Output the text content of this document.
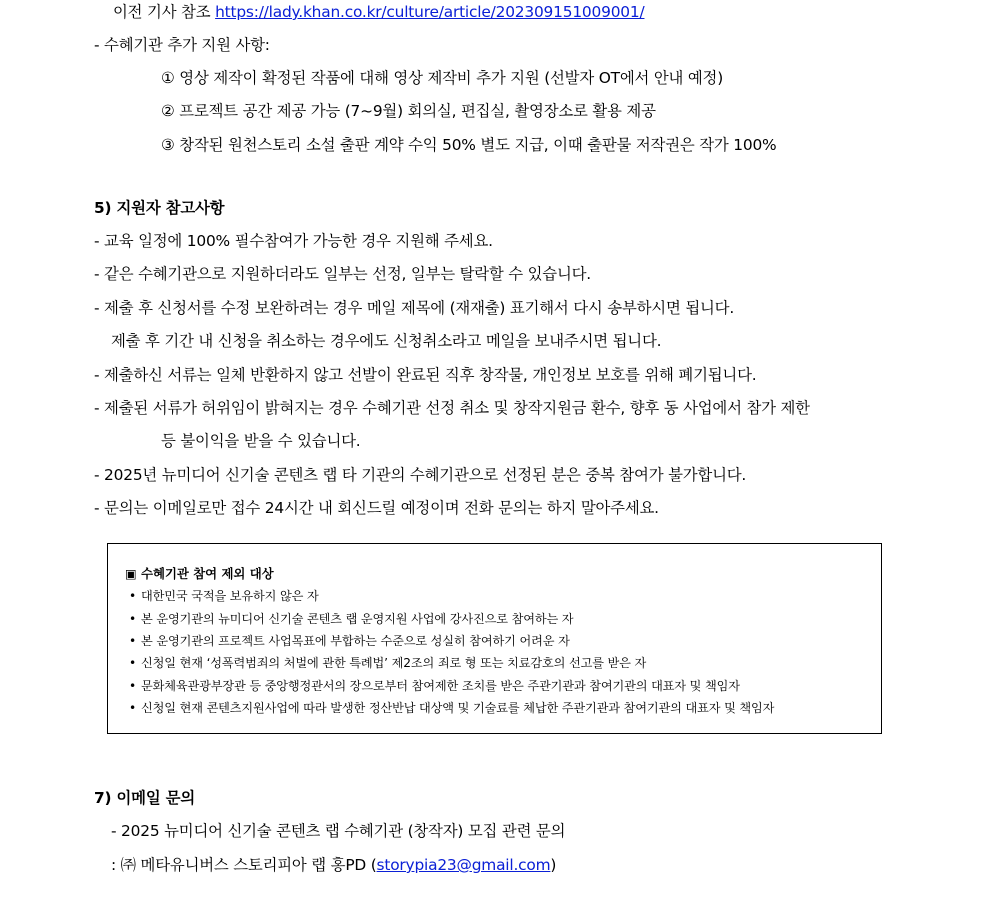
이전 기사 참조 https://lady.khan.co.kr/culture/article/202309151009001/
- 수혜기관 추가 지원 사항:
① 영상 제작이 확정된 작품에 대해 영상 제작비 추가 지원 (선발자 OT에서 안내 예정)
② 프로젝트 공간 제공 가능 (7~9월) 회의실, 편집실, 촬영장소로 활용 제공
③ 창작된 원천스토리 소설 출판 계약 수익 50% 별도 지급, 이때 출판물 저작권은 작가 100%
5) 지원자 참고사항
- 교육 일정에 100% 필수참여가 가능한 경우 지원해 주세요.
- 같은 수혜기관으로 지원하더라도 일부는 선정, 일부는 탈락할 수 있습니다.
- 제출 후 신청서를 수정 보완하려는 경우 메일 제목에 (재재출) 표기해서 다시 송부하시면 됩니다.
제출 후 기간 내 신청을 취소하는 경우에도 신청취소라고 메일을 보내주시면 됩니다.
- 제출하신 서류는 일체 반환하지 않고 선발이 완료된 직후 창작물, 개인정보 보호를 위해 폐기됩니다.
- 제출된 서류가 허위임이 밝혀지는 경우 수혜기관 선정 취소 및 창작지원금 환수, 향후 동 사업에서 참가 제한
등 불이익을 받을 수 있습니다.
- 2025년 뉴미디어 신기술 콘텐츠 랩 타 기관의 수혜기관으로 선정된 분은 중복 참여가 불가합니다.
- 문의는 이메일로만 접수 24시간 내 회신드릴 예정이며 전화 문의는 하지 말아주세요.
▣ 수혜기관 참여 제외 대상
• 대한민국 국적을 보유하지 않은 자
• 본 운영기관의 뉴미디어 신기술 콘텐츠 랩 운영지원 사업에 강사진으로 참여하는 자
• 본 운영기관의 프로젝트 사업목표에 부합하는 수준으로 성실히 참여하기 어려운 자
• 신청일 현재 ‘성폭력범죄의 처벌에 관한 특례법’ 제2조의 죄로 형 또는 치료감호의 선고를 받은 자
• 문화체육관광부장관 등 중앙행정관서의 장으로부터 참여제한 조치를 받은 주관기관과 참여기관의 대표자 및 책임자
• 신청일 현재 콘텐츠지원사업에 따라 발생한 정산반납 대상액 및 기술료를 체납한 주관기관과 참여기관의 대표자 및 책임자
7) 이메일 문의
- 2025 뉴미디어 신기술 콘텐츠 랩 수혜기관 (창작자) 모집 관련 문의
: ㈜ 메타유니버스 스토리피아 랩 홍PD (storypia23@gmail.com)
